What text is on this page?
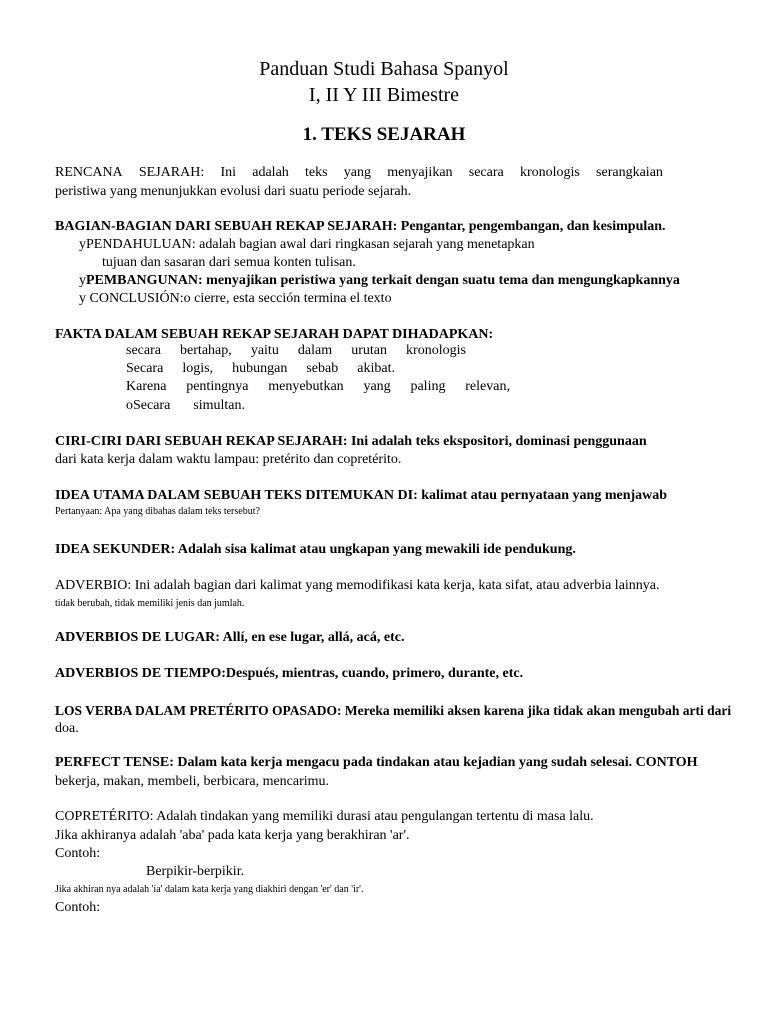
Panduan Studi Bahasa Spanyol
I, II Y III Bimestre
1. TEKS SEJARAH
RENCANA SEJARAH: Ini adalah teks yang menyajikan secara kronologis serangkaian
peristiwa yang menunjukkan evolusi dari suatu periode sejarah.
BAGIAN-BAGIAN DARI SEBUAH REKAP SEJARAH: Pengantar, pengembangan, dan kesimpulan.
yPENDAHULUAN: adalah bagian awal dari ringkasan sejarah yang menetapkan
tujuan dan sasaran dari semua konten tulisan.
yPEMBANGUNAN: menyajikan peristiwa yang terkait dengan suatu tema dan mengungkapkannya
y CONCLUSIÓN:o cierre, esta sección termina el texto
FAKTA DALAM SEBUAH REKAP SEJARAH DAPAT DIHADAPKAN:
secara bertahap, yaitu dalam urutan kronologis
Secara logis, hubungan sebab akibat.
Karena pentingnya menyebutkan yang paling relevan,
oSecara simultan.
CIRI-CIRI DARI SEBUAH REKAP SEJARAH: Ini adalah teks ekspositori, dominasi penggunaan
dari kata kerja dalam waktu lampau: pretérito dan copretérito.
IDEA UTAMA DALAM SEBUAH TEKS DITEMUKAN DI: kalimat atau pernyataan yang menjawab
Pertanyaan: Apa yang dibahas dalam teks tersebut?
IDEA SEKUNDER: Adalah sisa kalimat atau ungkapan yang mewakili ide pendukung.
ADVERBIO: Ini adalah bagian dari kalimat yang memodifikasi kata kerja, kata sifat, atau adverbia lainnya.
tidak berubah, tidak memiliki jenis dan jumlah.
ADVERBIOS DE LUGAR: Allí, en ese lugar, allá, acá, etc.
ADVERBIOS DE TIEMPO:Después, mientras, cuando, primero, durante, etc.
LOS VERBA DALAM PRETÉRITO OPASADO: Mereka memiliki aksen karena jika tidak akan mengubah arti dari
doa.
PERFECT TENSE: Dalam kata kerja mengacu pada tindakan atau kejadian yang sudah selesai. CONTOH
bekerja, makan, membeli, berbicara, mencarimu.
COPRETÉRITO: Adalah tindakan yang memiliki durasi atau pengulangan tertentu di masa lalu.
Jika akhiranya adalah 'aba' pada kata kerja yang berakhiran 'ar'.
Contoh:
Berpikir-berpikir.
Jika akhiran nya adalah 'ía' dalam kata kerja yang diakhiri dengan 'er' dan 'ir'.
Contoh:
